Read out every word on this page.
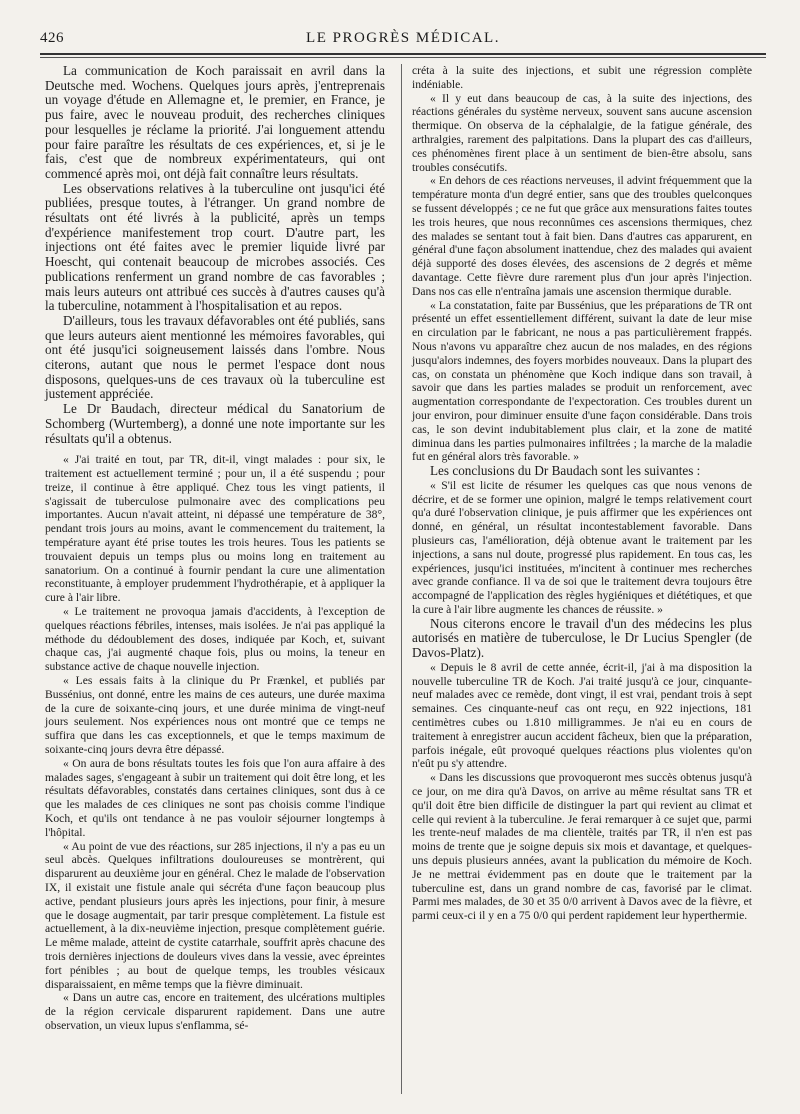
426	LE PROGRÈS MÉDICAL.

La communication de Koch paraissait en avril dans la Deutsche med. Wochens. Quelques jours après, j'entreprenais un voyage d'étude en Allemagne et, le premier, en France, je pus faire, avec le nouveau produit, des recherches cliniques pour lesquelles je réclame la priorité. J'ai longuement attendu pour faire paraître les résultats de ces expériences, et, si je le fais, c'est que de nombreux expérimentateurs, qui ont commencé après moi, ont déjà fait connaître leurs résultats.

Les observations relatives à la tuberculine ont jusqu'ici été publiées, presque toutes, à l'étranger. Un grand nombre de résultats ont été livrés à la publicité, après un temps d'expérience manifestement trop court. D'autre part, les injections ont été faites avec le premier liquide livré par Hoescht, qui contenait beaucoup de microbes associés. Ces publications renferment un grand nombre de cas favorables ; mais leurs auteurs ont attribué ces succès à d'autres causes qu'à la tuberculine, notamment à l'hospitalisation et au repos.

D'ailleurs, tous les travaux défavorables ont été publiés, sans que leurs auteurs aient mentionné les mémoires favorables, qui ont été jusqu'ici soigneusement laissés dans l'ombre. Nous citerons, autant que nous le permet l'espace dont nous disposons, quelques-uns de ces travaux où la tuberculine est justement appréciée.

Le Dr Baudach, directeur médical du Sanatorium de Schomberg (Wurtemberg), a donné une note importante sur les résultats qu'il a obtenus.

« J'ai traité en tout, par TR, dit-il, vingt malades : pour six, le traitement est actuellement terminé ; pour un, il a été suspendu ; pour treize, il continue à être appliqué. Chez tous les vingt patients, il s'agissait de tuberculose pulmonaire avec des complications peu importantes. Aucun n'avait atteint, ni dépassé une température de 38°, pendant trois jours au moins, avant le commencement du traitement, la température ayant été prise toutes les trois heures. Tous les patients se trouvaient depuis un temps plus ou moins long en traitement au sanatorium. On a continué à fournir pendant la cure une alimentation reconstituante, à employer prudemment l'hydrothérapie, et à appliquer la cure à l'air libre.

« Le traitement ne provoqua jamais d'accidents, à l'exception de quelques réactions fébriles, intenses, mais isolées. Je n'ai pas appliqué la méthode du dédoublement des doses, indiquée par Koch, et, suivant chaque cas, j'ai augmenté chaque fois, plus ou moins, la teneur en substance active de chaque nouvelle injection.

« Les essais faits à la clinique du Pr Frænkel, et publiés par Bussénius, ont donné, entre les mains de ces auteurs, une durée maxima de la cure de soixante-cinq jours, et une durée minima de vingt-neuf jours seulement. Nos expériences nous ont montré que ce temps ne suffira que dans les cas exceptionnels, et que le temps maximum de soixante-cinq jours devra être dépassé.

« On aura de bons résultats toutes les fois que l'on aura affaire à des malades sages, s'engageant à subir un traitement qui doit être long, et les résultats défavorables, constatés dans certaines cliniques, sont dus à ce que les malades de ces cliniques ne sont pas choisis comme l'indique Koch, et qu'ils ont tendance à ne pas vouloir séjourner longtemps à l'hôpital.

« Au point de vue des réactions, sur 285 injections, il n'y a pas eu un seul abcès. Quelques infiltrations douloureuses se montrèrent, qui disparurent au deuxième jour en général. Chez le malade de l'observation IX, il existait une fistule anale qui sécréta d'une façon beaucoup plus active, pendant plusieurs jours après les injections, pour finir, à mesure que le dosage augmentait, par tarir presque complètement. La fistule est actuellement, à la dix-neuvième injection, presque complètement guérie. Le même malade, atteint de cystite catarrhale, souffrit après chacune des trois dernières injections de douleurs vives dans la vessie, avec épreintes fort pénibles ; au bout de quelque temps, les troubles vésicaux disparaissaient, en même temps que la fièvre diminuait.

« Dans un autre cas, encore en traitement, des ulcérations multiples de la région cervicale disparurent rapidement. Dans une autre observation, un vieux lupus s'enflamma, sé-

créta à la suite des injections, et subit une régression complète indéniable.

« Il y eut dans beaucoup de cas, à la suite des injections, des réactions générales du système nerveux, souvent sans aucune ascension thermique. On observa de la céphalalgie, de la fatigue générale, des arthralgies, rarement des palpitations. Dans la plupart des cas d'ailleurs, ces phénomènes firent place à un sentiment de bien-être absolu, sans troubles consécutifs.

« En dehors de ces réactions nerveuses, il advint fréquemment que la température monta d'un degré entier, sans que des troubles quelconques se fussent développés ; ce ne fut que grâce aux mensurations faites toutes les trois heures, que nous reconnûmes ces ascensions thermiques, chez des malades se sentant tout à fait bien. Dans d'autres cas apparurent, en général d'une façon absolument inattendue, chez des malades qui avaient déjà supporté des doses élevées, des ascensions de 2 degrés et même davantage. Cette fièvre dure rarement plus d'un jour après l'injection. Dans nos cas elle n'entraîna jamais une ascension thermique durable.

« La constatation, faite par Bussénius, que les préparations de TR ont présenté un effet essentiellement différent, suivant la date de leur mise en circulation par le fabricant, ne nous a pas particulièrement frappés. Nous n'avons vu apparaître chez aucun de nos malades, en des régions jusqu'alors indemnes, des foyers morbides nouveaux. Dans la plupart des cas, on constata un phénomène que Koch indique dans son travail, à savoir que dans les parties malades se produit un renforcement, avec augmentation correspondante de l'expectoration. Ces troubles durent un jour environ, pour diminuer ensuite d'une façon considérable. Dans trois cas, le son devint indubitablement plus clair, et la zone de matité diminua dans les parties pulmonaires infiltrées ; la marche de la maladie fut en général alors très favorable. »

Les conclusions du Dr Baudach sont les suivantes :

« S'il est licite de résumer les quelques cas que nous venons de décrire, et de se former une opinion, malgré le temps relativement court qu'a duré l'observation clinique, je puis affirmer que les expériences ont donné, en général, un résultat incontestablement favorable. Dans plusieurs cas, l'amélioration, déjà obtenue avant le traitement par les injections, a sans nul doute, progressé plus rapidement. En tous cas, les expériences, jusqu'ici instituées, m'incitent à continuer mes recherches avec grande confiance. Il va de soi que le traitement devra toujours être accompagné de l'application des règles hygiéniques et diététiques, et que la cure à l'air libre augmente les chances de réussite. »

Nous citerons encore le travail d'un des médecins les plus autorisés en matière de tuberculose, le Dr Lucius Spengler (de Davos-Platz).

« Depuis le 8 avril de cette année, écrit-il, j'ai à ma disposition la nouvelle tuberculine TR de Koch. J'ai traité jusqu'à ce jour, cinquante-neuf malades avec ce remède, dont vingt, il est vrai, pendant trois à sept semaines. Ces cinquante-neuf cas ont reçu, en 922 injections, 181 centimètres cubes ou 1.810 milligrammes. Je n'ai eu en cours de traitement à enregistrer aucun accident fâcheux, bien que la préparation, parfois inégale, eût provoqué quelques réactions plus violentes qu'on n'eût pu s'y attendre.

« Dans les discussions que provoqueront mes succès obtenus jusqu'à ce jour, on me dira qu'à Davos, on arrive au même résultat sans TR et qu'il doit être bien difficile de distinguer la part qui revient au climat et celle qui revient à la tuberculine. Je ferai remarquer à ce sujet que, parmi les trente-neuf malades de ma clientèle, traités par TR, il n'en est pas moins de trente que je soigne depuis six mois et davantage, et quelques-uns depuis plusieurs années, avant la publication du mémoire de Koch. Je ne mettrai évidemment pas en doute que le traitement par la tuberculine est, dans un grand nombre de cas, favorisé par le climat. Parmi mes malades, de 30 et 35 0/0 arrivent à Davos avec de la fièvre, et parmi ceux-ci il y en a 75 0/0 qui perdent rapidement leur hyperthermie.
